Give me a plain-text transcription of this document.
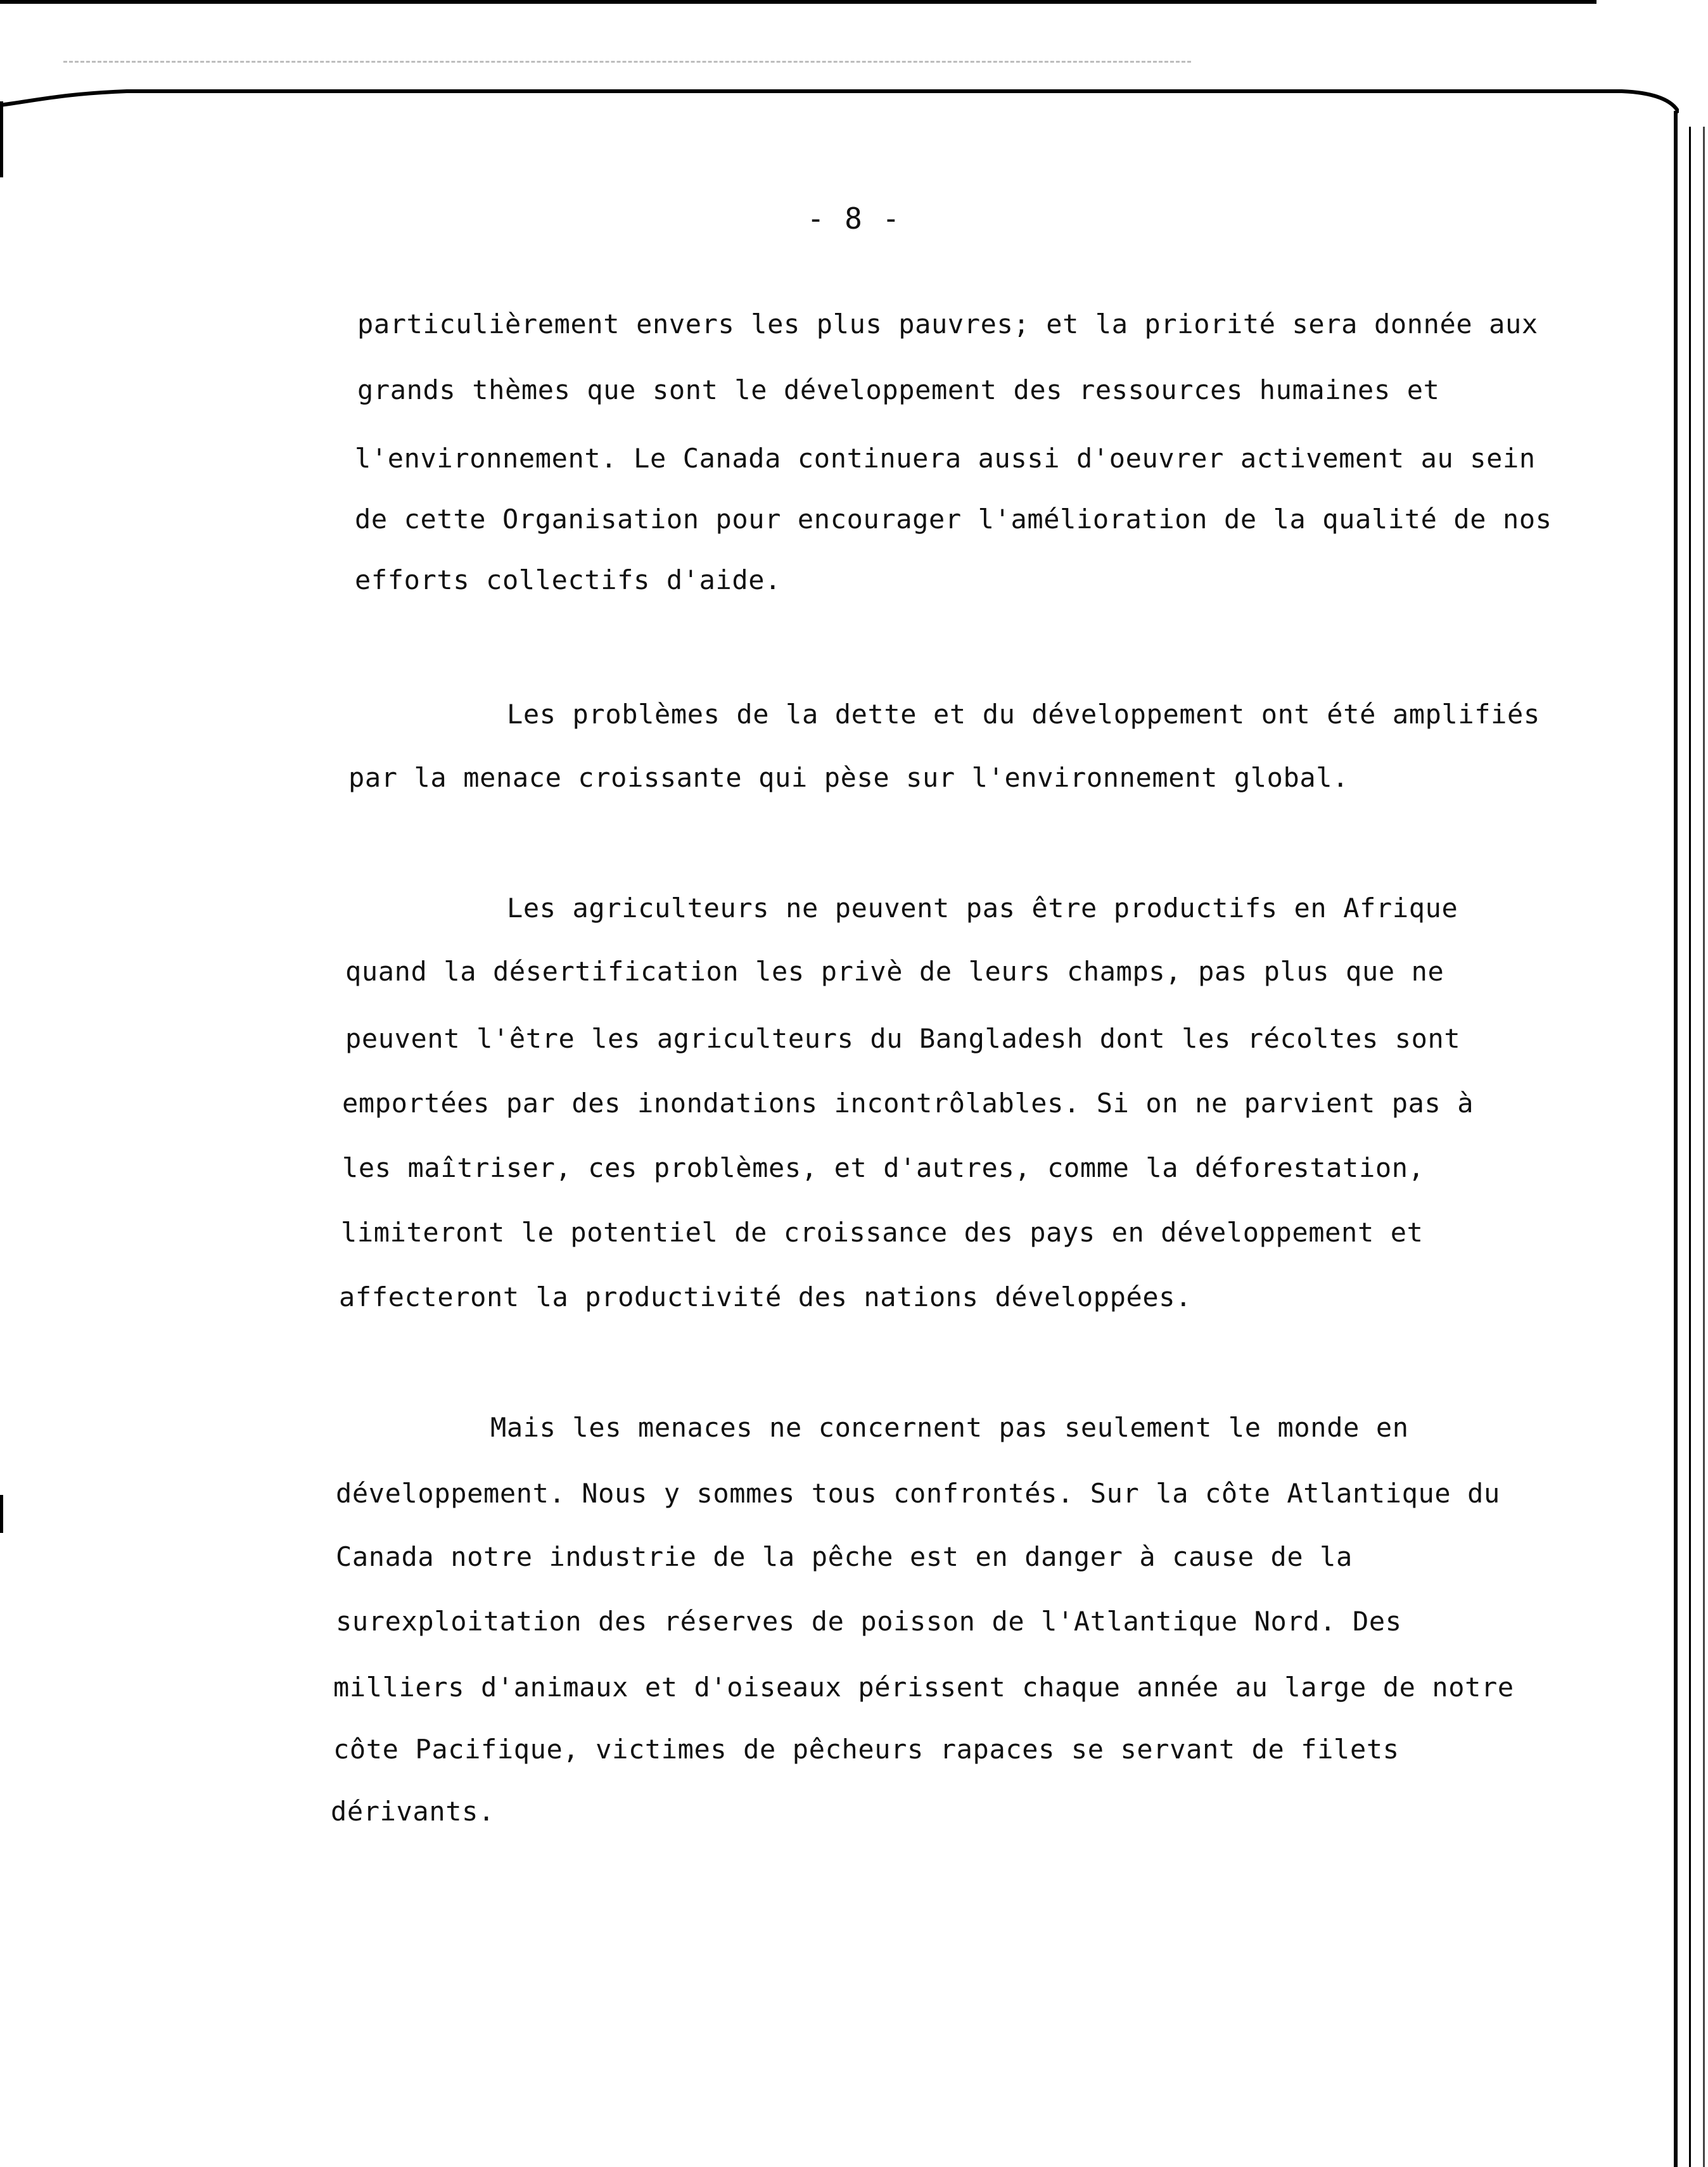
- 8 -
particulièrement envers les plus pauvres; et la priorité sera donnée aux
grands thèmes que sont le développement des ressources humaines et
l'environnement. Le Canada continuera aussi d'oeuvrer activement au sein
de cette Organisation pour encourager l'amélioration de la qualité de nos
efforts collectifs d'aide.
Les problèmes de la dette et du développement ont été amplifiés
par la menace croissante qui pèse sur l'environnement global.
Les agriculteurs ne peuvent pas être productifs en Afrique
quand la désertification les privè de leurs champs, pas plus que ne
peuvent l'être les agriculteurs du Bangladesh dont les récoltes sont
emportées par des inondations incontrôlables. Si on ne parvient pas à
les maîtriser, ces problèmes, et d'autres, comme la déforestation,
limiteront le potentiel de croissance des pays en développement et
affecteront la productivité des nations développées.
Mais les menaces ne concernent pas seulement le monde en
développement. Nous y sommes tous confrontés. Sur la côte Atlantique du
Canada notre industrie de la pêche est en danger à cause de la
surexploitation des réserves de poisson de l'Atlantique Nord. Des
milliers d'animaux et d'oiseaux périssent chaque année au large de notre
côte Pacifique, victimes de pêcheurs rapaces se servant de filets
dérivants.
